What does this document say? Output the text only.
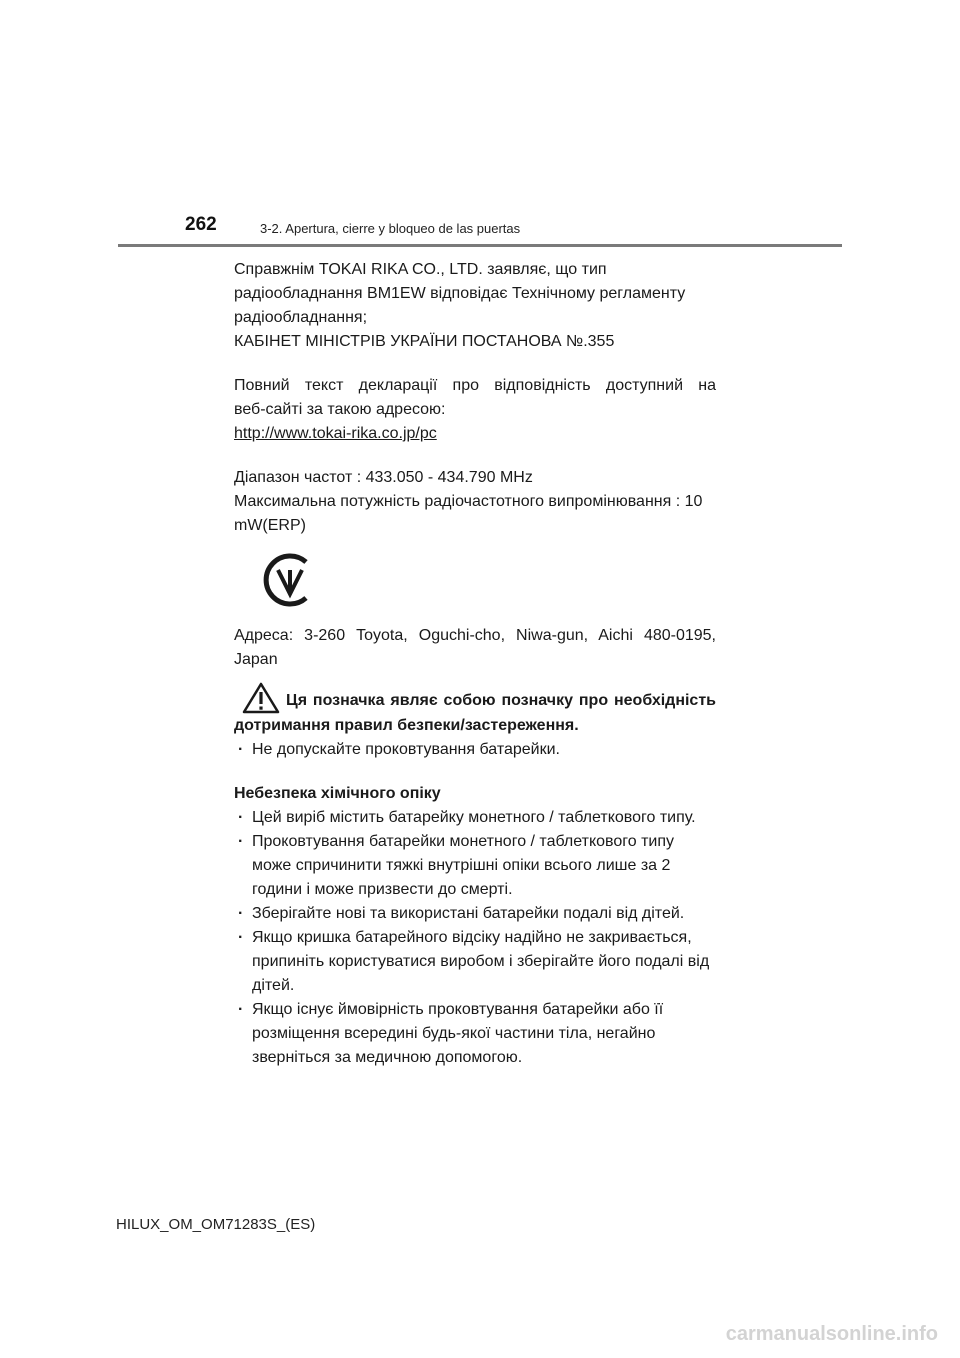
262	3-2. Apertura, cierre y bloqueo de las puertas

Справжнім TOKAI RIKA CO., LTD. заявляє, що тип

радіообладнання BM1EW відповідає Технічному регламенту

радіообладнання;

КАБІНЕТ МІНІСТРІВ УКРАЇНИ ПОСТАНОВА №.355

Повний текст декларації про відповідність доступний на

веб-сайті за такою адресою:

http://www.tokai-rika.co.jp/pc

Діапазон частот : 433.050 - 434.790 MHz

Максимальна потужність радіочастотного випромінювання : 10

mW(ERP)

Адреса: 3-260 Toyota, Oguchi-cho, Niwa-gun, Aichi 480-0195,

Japan

Ця позначка являє собою позначку про необхідність

дотримання правил безпеки/застереження.

· Не допускайте проковтування батарейки.

Небезпека хімічного опіку

· Цей виріб містить батарейку монетного / таблеткового типу.
· Проковтування батарейки монетного / таблеткового типу може спричинити тяжкі внутрішні опіки всього лише за 2 години і може призвести до смерті.
· Зберігайте нові та використані батарейки подалі від дітей.
· Якщо кришка батарейного відсіку надійно не закривається, припиніть користуватися виробом і зберігайте його подалі від дітей.
· Якщо існує ймовірність проковтування батарейки або її розміщення всередині будь-якої частини тіла, негайно зверніться за медичною допомогою.
HILUX_OM_OM71283S_(ES)
carmanualsonline.info
